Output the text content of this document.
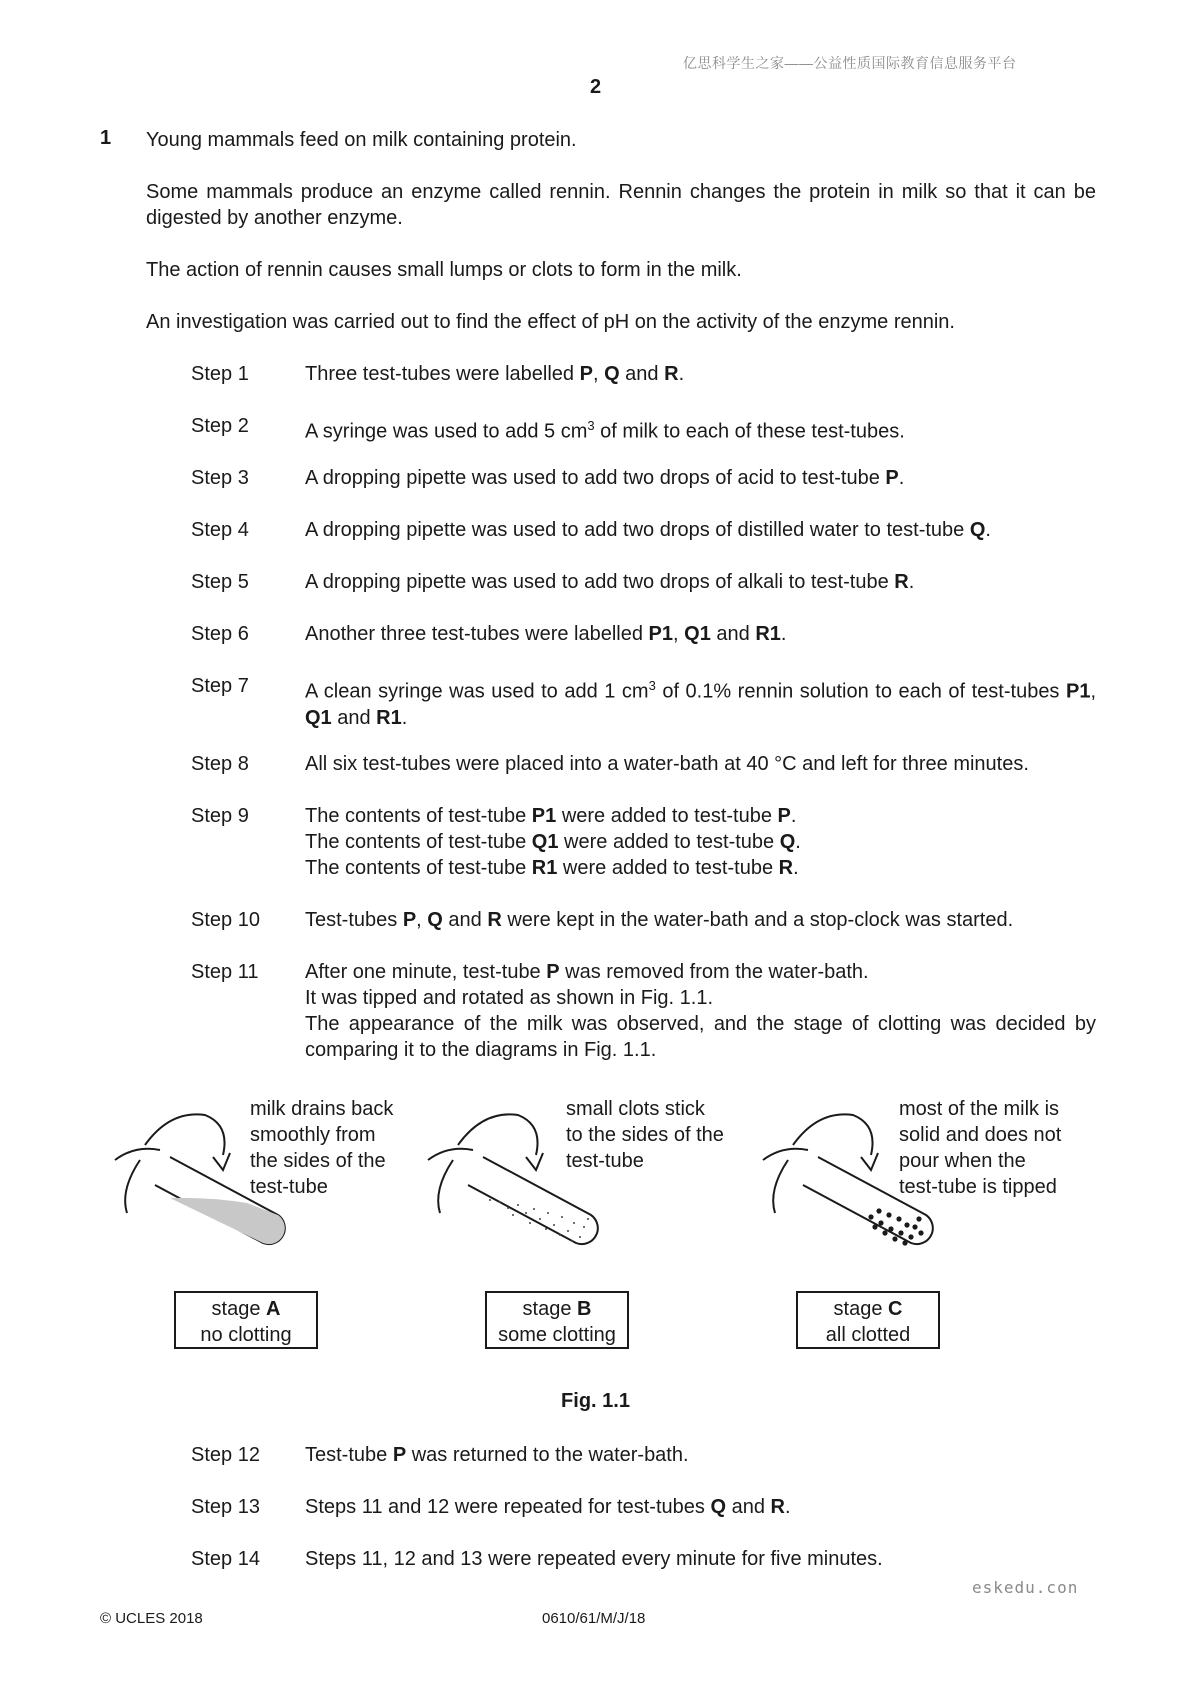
亿思科学生之家——公益性质国际教育信息服务平台
2
1 Young mammals feed on milk containing protein.
Some mammals produce an enzyme called rennin. Rennin changes the protein in milk so that it can be digested by another enzyme.
The action of rennin causes small lumps or clots to form in the milk.
An investigation was carried out to find the effect of pH on the activity of the enzyme rennin.
Step 1	Three test-tubes were labelled P, Q and R.
Step 2	A syringe was used to add 5 $cm^3$ of milk to each of these test-tubes.
Step 3	A dropping pipette was used to add two drops of acid to test-tube P.
Step 4	A dropping pipette was used to add two drops of distilled water to test-tube Q.
Step 5	A dropping pipette was used to add two drops of alkali to test-tube R.
Step 6	Another three test-tubes were labelled P1, Q1 and R1.
Step 7	A clean syringe was used to add 1 $cm^3$ of 0.1% rennin solution to each of test-tubes P1, Q1 and R1.
Step 8	All six test-tubes were placed into a water-bath at 40 °C and left for three minutes.
Step 9	The contents of test-tube P1 were added to test-tube P.
The contents of test-tube Q1 were added to test-tube Q.
The contents of test-tube R1 were added to test-tube R.
Step 10 Test-tubes P, Q and R were kept in the water-bath and a stop-clock was started.
Step 11 After one minute, test-tube P was removed from the water-bath.
It was tipped and rotated as shown in Fig. 1.1.
The appearance of the milk was observed, and the stage of clotting was decided by comparing it to the diagrams in Fig. 1.1.
milk drains back
smoothly from
the sides of the
test-tube
small clots stick
to the sides of the
test-tube
most of the milk is
solid and does not
pour when the
test-tube is tipped
stage A
no clotting
stage B
some clotting
stage C
all clotted
Fig. 1.1
Step 12 Test-tube P was returned to the water-bath.
Step 13 Steps 11 and 12 were repeated for test-tubes Q and R.
Step 14 Steps 11, 12 and 13 were repeated every minute for five minutes.
eskedu.con
© UCLES 2018	0610/61/M/J/18
